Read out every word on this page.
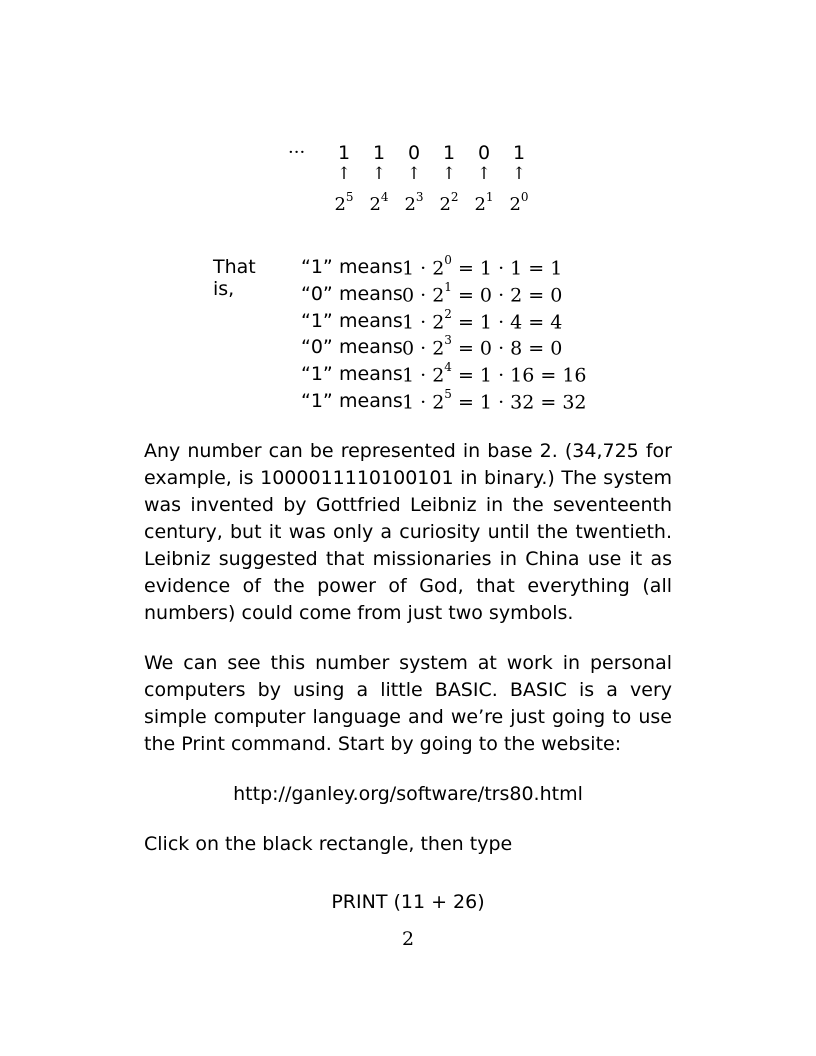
···	1
↑
$2^5$
1
↑
$2^4$
0
↑
$2^3$
1
↑
$2^2$
0
↑
$2^1$
1
↑
$2^0$
That is,
“1” means $1 \cdot 2^0 = 1 \cdot 1 = 1$
“0” means $0 \cdot 2^1 = 0 \cdot 2 = 0$
“1” means $1 \cdot 2^2 = 1 \cdot 4 = 4$
“0” means $0 \cdot 2^3 = 0 \cdot 8 = 0$
“1” means $1 \cdot 2^4 = 1 \cdot 16 = 16$
“1” means $1 \cdot 2^5 = 1 \cdot 32 = 32$

Any number can be represented in base 2. (34,725 for example, is 1000011110100101 in binary.) The system was invented by Gottfried Leibniz in the seventeenth century, but it was only a curiosity until the twentieth. Leibniz suggested that missionaries in China use it as evidence of the power of God, that everything (all numbers) could come from just two symbols.

We can see this number system at work in personal computers by using a little BASIC. BASIC is a very simple computer language and we’re just going to use the Print command. Start by going to the website:

http://ganley.org/software/trs80.html
Click on the black rectangle, then type
PRINT (11 + 26)
2
